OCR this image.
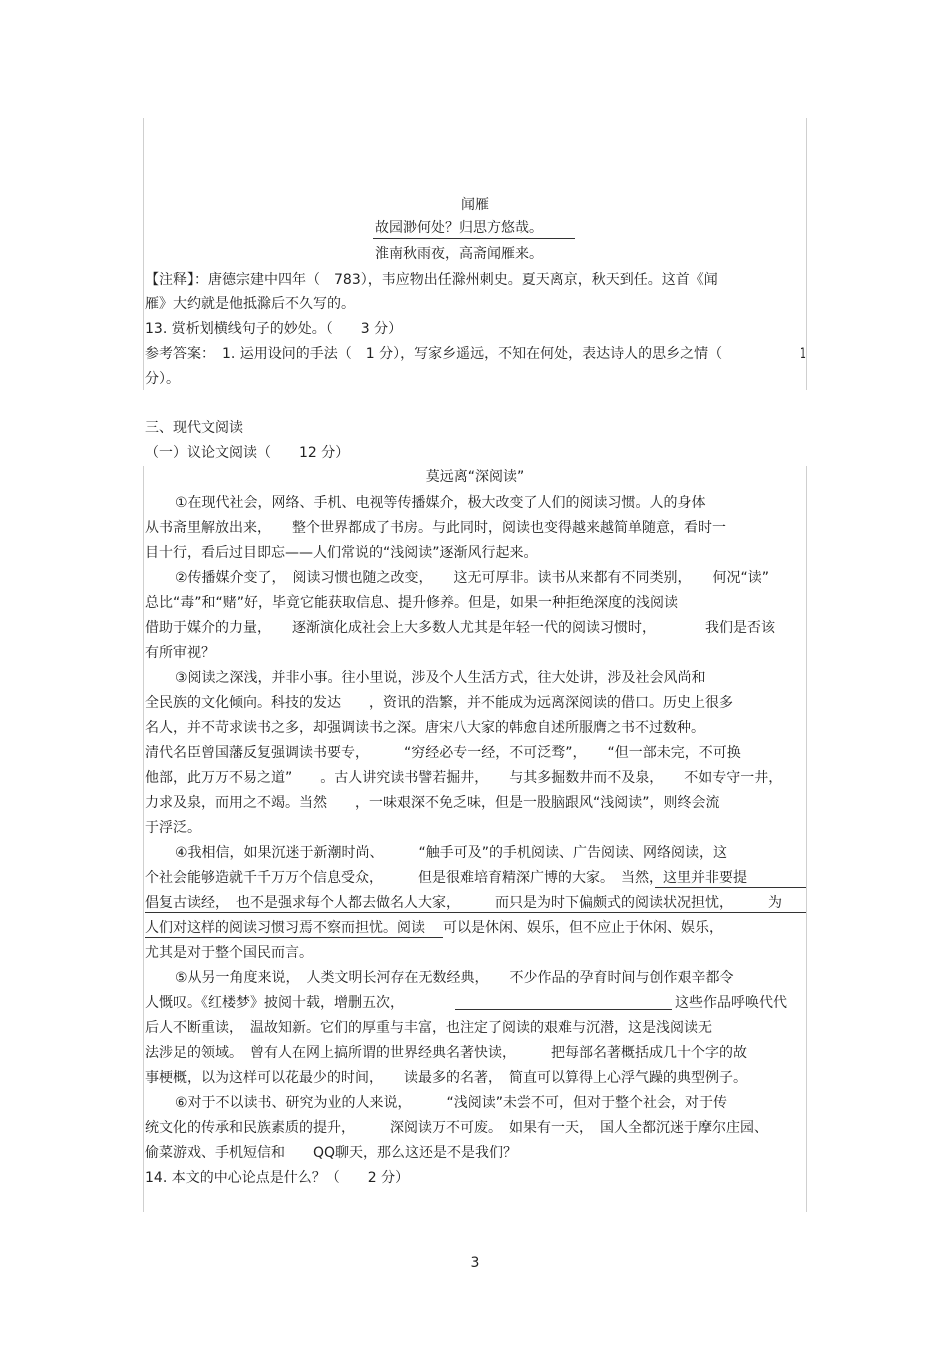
闻雁
故园渺何处？归思方悠哉。
淮南秋雨夜，高斋闻雁来。
【注释】：唐德宗建中四年（　783），韦应物出任滁州刺史。夏天离京，秋天到任。这首《闻
雁》大约就是他抵滁后不久写的。
13. 赏析划横线句子的妙处。（　　3 分）
参考答案：　1. 运用设问的手法（　1 分），写家乡遥远，不知在何处，表达诗人的思乡之情（	1
分）。
三、现代文阅读
（一）议论文阅读（　　12 分）
莫远离“深阅读”
①在现代社会，网络、手机、电视等传播媒介，极大改变了人们的阅读习惯。人的身体
从书斋里解放出来，　　整个世界都成了书房。与此同时，阅读也变得越来越简单随意，看时一
目十行，看后过目即忘——人们常说的“浅阅读”逐渐风行起来。
②传播媒介变了，　阅读习惯也随之改变，　　这无可厚非。读书从来都有不同类别，　　何况“读”
总比“毒”和“赌”好，毕竟它能获取信息、提升修养。但是，如果一种拒绝深度的浅阅读
借助于媒介的力量，　　逐渐演化成社会上大多数人尤其是年轻一代的阅读习惯时，　　　　我们是否该
有所审视？
③阅读之深浅，并非小事。往小里说，涉及个人生活方式，往大处讲，涉及社会风尚和
全民族的文化倾向。科技的发达　　，资讯的浩繁，并不能成为远离深阅读的借口。历史上很多
名人，并不苛求读书之多，却强调读书之深。唐宋八大家的韩愈自述所服膺之书不过数种。
清代名臣曾国藩反复强调读书要专，　　　“穷经必专一经，不可泛骛”，　　“但一部未完，不可换
他部，此万万不易之道”　　。古人讲究读书譬若掘井，　　与其多掘数井而不及泉，　　不如专守一井，
力求及泉，而用之不竭。当然　　，一味艰深不免乏味，但是一股脑跟风“浅阅读”，则终会流
于浮泛。
④我相信，如果沉迷于新潮时尚、　　　“触手可及”的手机阅读、广告阅读、网络阅读，这
个社会能够造就千千万万个信息受众，　　　但是很难培育精深广博的大家。　当然，这里并非要提
倡复古读经，　也不是强求每个人都去做名人大家，　　　而只是为时下偏颇式的阅读状况担忧，　　　为
人们对这样的阅读习惯习焉不察而担忧。阅读 可以是休闲、娱乐，但不应止于休闲、娱乐，
尤其是对于整个国民而言。
⑤从另一角度来说，　人类文明长河存在无数经典，　　不少作品的孕育时间与创作艰辛都令
人慨叹。《红楼梦》披阅十载，增删五次，	这些作品呼唤代代
后人不断重读，　温故知新。它们的厚重与丰富，也注定了阅读的艰难与沉潜，这是浅阅读无
法涉足的领域。　曾有人在网上搞所谓的世界经典名著快读，　　　把每部名著概括成几十个字的故
事梗概，以为这样可以花最少的时间，　　读最多的名著，　简直可以算得上心浮气躁的典型例子。
⑥对于不以读书、研究为业的人来说，　　　“浅阅读”未尝不可，但对于整个社会，对于传
统文化的传承和民族素质的提升，　　　深阅读万不可废。　如果有一天，　国人全都沉迷于摩尔庄园、
偷菜游戏、手机短信和　　QQ聊天，那么这还是不是我们？
14. 本文的中心论点是什么？（　　2 分）
3
